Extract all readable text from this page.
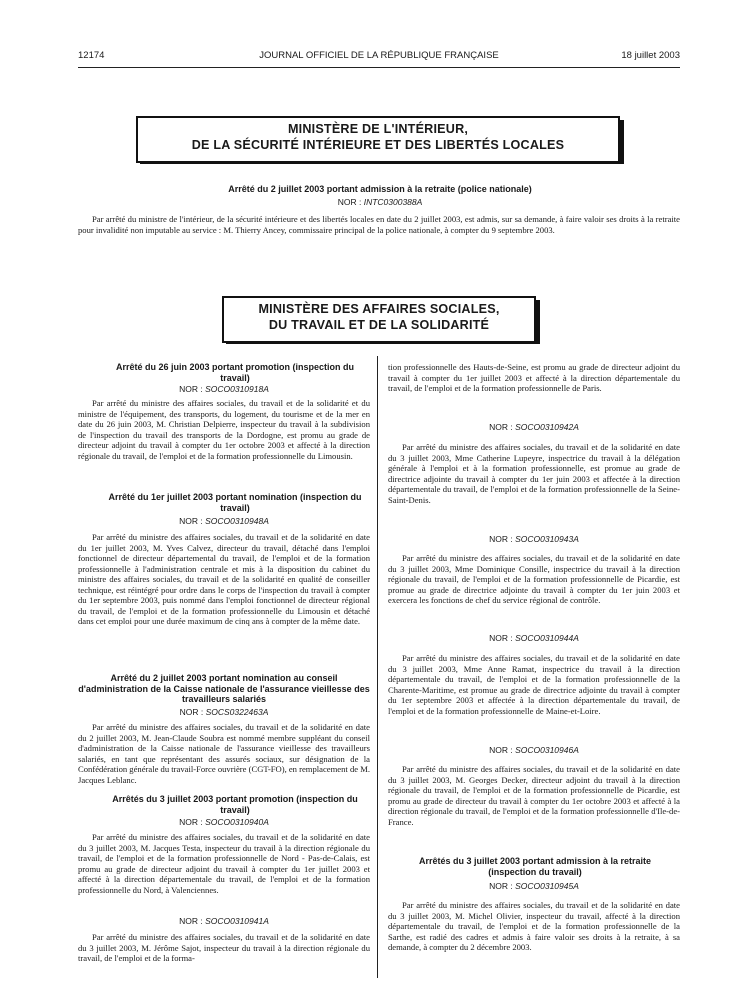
12174	JOURNAL OFFICIEL DE LA RÉPUBLIQUE FRANÇAISE	18 juillet 2003
MINISTÈRE DE L'INTÉRIEUR,
DE LA SÉCURITÉ INTÉRIEURE ET DES LIBERTÉS LOCALES
Arrêté du 2 juillet 2003 portant admission à la retraite (police nationale)
NOR : INTC0300388A

Par arrêté du ministre de l'intérieur, de la sécurité intérieure et des libertés locales en date du 2 juillet 2003, est admis, sur sa demande, à faire valoir ses droits à la retraite pour invalidité non imputable au service : M. Thierry Ancey, commissaire principal de la police nationale, à compter du 9 septembre 2003.

MINISTÈRE DES AFFAIRES SOCIALES,
DU TRAVAIL ET DE LA SOLIDARITÉ
Arrêté du 26 juin 2003 portant promotion (inspection du travail)
NOR : SOCO0310918A

Par arrêté du ministre des affaires sociales, du travail et de la solidarité et du ministre de l'équipement, des transports, du logement, du tourisme et de la mer en date du 26 juin 2003, M. Christian Delpierre, inspecteur du travail à la subdivision de l'inspection du travail des transports de la Dordogne, est promu au grade de directeur adjoint du travail à compter du 1er octobre 2003 et affecté à la direction régionale du travail, de l'emploi et de la formation professionnelle du Limousin.

Arrêté du 1er juillet 2003 portant nomination (inspection du travail)
NOR : SOCO0310948A

Par arrêté du ministre des affaires sociales, du travail et de la solidarité en date du 1er juillet 2003, M. Yves Calvez, directeur du travail, détaché dans l'emploi fonctionnel de directeur départemental du travail, de l'emploi et de la formation professionnelle à l'administration centrale et mis à la disposition du cabinet du ministre des affaires sociales, du travail et de la solidarité en qualité de conseiller technique, est réintégré pour ordre dans le corps de l'inspection du travail à compter du 1er septembre 2003, puis nommé dans l'emploi fonctionnel de directeur régional du travail, de l'emploi et de la formation professionnelle du Limousin et détaché dans cet emploi pour une durée maximum de cinq ans à compter de la même date.

Arrêté du 2 juillet 2003 portant nomination au conseil d'administration de la Caisse nationale de l'assurance vieillesse des travailleurs salariés
NOR : SOCS0322463A

Par arrêté du ministre des affaires sociales, du travail et de la solidarité en date du 2 juillet 2003, M. Jean-Claude Soubra est nommé membre suppléant du conseil d'administration de la Caisse nationale de l'assurance vieillesse des travailleurs salariés, en tant que représentant des assurés sociaux, sur désignation de la Confédération générale du travail-Force ouvrière (CGT-FO), en remplacement de M. Jacques Leblanc.

Arrêtés du 3 juillet 2003 portant promotion (inspection du travail)
NOR : SOCO0310940A

Par arrêté du ministre des affaires sociales, du travail et de la solidarité en date du 3 juillet 2003, M. Jacques Testa, inspecteur du travail à la direction régionale du travail, de l'emploi et de la formation professionnelle de Nord - Pas-de-Calais, est promu au grade de directeur adjoint du travail à compter du 1er juillet 2003 et affecté à la direction départementale du travail, de l'emploi et de la formation professionnelle du Nord, à Valenciennes.

NOR : SOCO0310941A

Par arrêté du ministre des affaires sociales, du travail et de la solidarité en date du 3 juillet 2003, M. Jérôme Sajot, inspecteur du travail à la direction régionale du travail, de l'emploi et de la forma-

tion professionnelle des Hauts-de-Seine, est promu au grade de directeur adjoint du travail à compter du 1er juillet 2003 et affecté à la direction départementale du travail, de l'emploi et de la formation professionnelle de Paris.

NOR : SOCO0310942A

Par arrêté du ministre des affaires sociales, du travail et de la solidarité en date du 3 juillet 2003, Mme Catherine Lupeyre, inspectrice du travail à la délégation générale à l'emploi et à la formation professionnelle, est promue au grade de directrice adjointe du travail à compter du 1er juin 2003 et affectée à la direction départementale du travail, de l'emploi et de la formation professionnelle de la Seine-Saint-Denis.

NOR : SOCO0310943A

Par arrêté du ministre des affaires sociales, du travail et de la solidarité en date du 3 juillet 2003, Mme Dominique Consille, inspectrice du travail à la direction régionale du travail, de l'emploi et de la formation professionnelle de Picardie, est promue au grade de directrice adjointe du travail à compter du 1er juin 2003 et exercera les fonctions de chef du service régional de contrôle.

NOR : SOCO0310944A

Par arrêté du ministre des affaires sociales, du travail et de la solidarité en date du 3 juillet 2003, Mme Anne Ramat, inspectrice du travail à la direction départementale du travail, de l'emploi et de la formation professionnelle de la Charente-Maritime, est promue au grade de directrice adjointe du travail à compter du 1er septembre 2003 et affectée à la direction départementale du travail, de l'emploi et de la formation professionnelle de Maine-et-Loire.

NOR : SOCO0310946A

Par arrêté du ministre des affaires sociales, du travail et de la solidarité en date du 3 juillet 2003, M. Georges Decker, directeur adjoint du travail à la direction régionale du travail, de l'emploi et de la formation professionnelle de Picardie, est promu au grade de directeur du travail à compter du 1er octobre 2003 et affecté à la direction régionale du travail, de l'emploi et de la formation professionnelle d'Ile-de-France.

Arrêtés du 3 juillet 2003 portant admission à la retraite (inspection du travail)
NOR : SOCO0310945A

Par arrêté du ministre des affaires sociales, du travail et de la solidarité en date du 3 juillet 2003, M. Michel Olivier, inspecteur du travail, affecté à la direction départementale du travail, de l'emploi et de la formation professionnelle de la Sarthe, est radié des cadres et admis à faire valoir ses droits à la retraite, à sa demande, à compter du 2 décembre 2003.
